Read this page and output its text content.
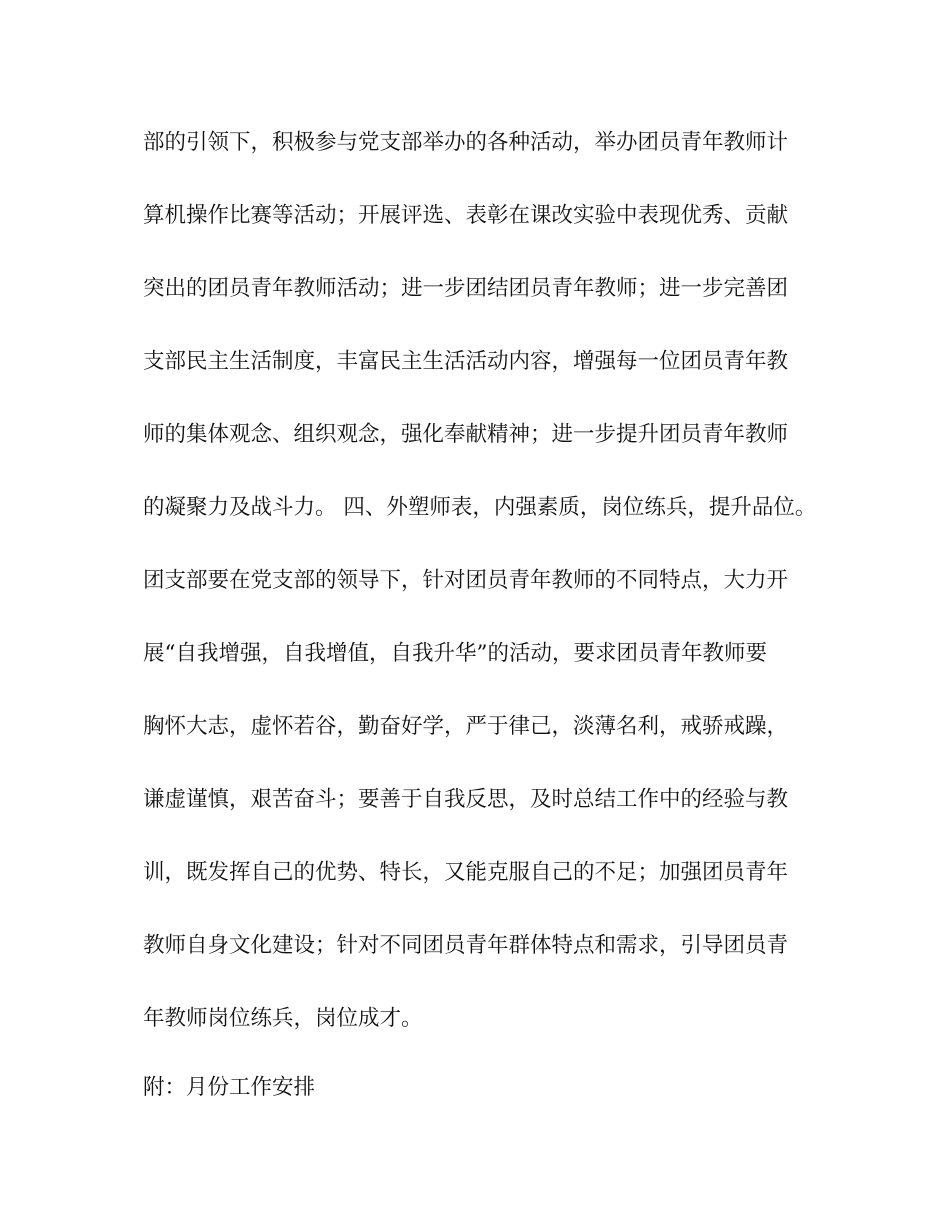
部的引领下，积极参与党支部举办的各种活动，举办团员青年教师计

算机操作比赛等活动；开展评选、表彰在课改实验中表现优秀、贡献

突出的团员青年教师活动；进一步团结团员青年教师；进一步完善团

支部民主生活制度，丰富民主生活活动内容，增强每一位团员青年教

师的集体观念、组织观念，强化奉献精神；进一步提升团员青年教师

的凝聚力及战斗力。 四、外塑师表，内强素质，岗位练兵，提升品位。

团支部要在党支部的领导下，针对团员青年教师的不同特点，大力开

展“自我增强，自我增值，自我升华”的活动，要求团员青年教师要

胸怀大志，虚怀若谷，勤奋好学，严于律己，淡薄名利，戒骄戒躁，

谦虚谨慎，艰苦奋斗；要善于自我反思，及时总结工作中的经验与教

训，既发挥自己的优势、特长，又能克服自己的不足；加强团员青年

教师自身文化建设；针对不同团员青年群体特点和需求，引导团员青

年教师岗位练兵，岗位成才。

附：月份工作安排
